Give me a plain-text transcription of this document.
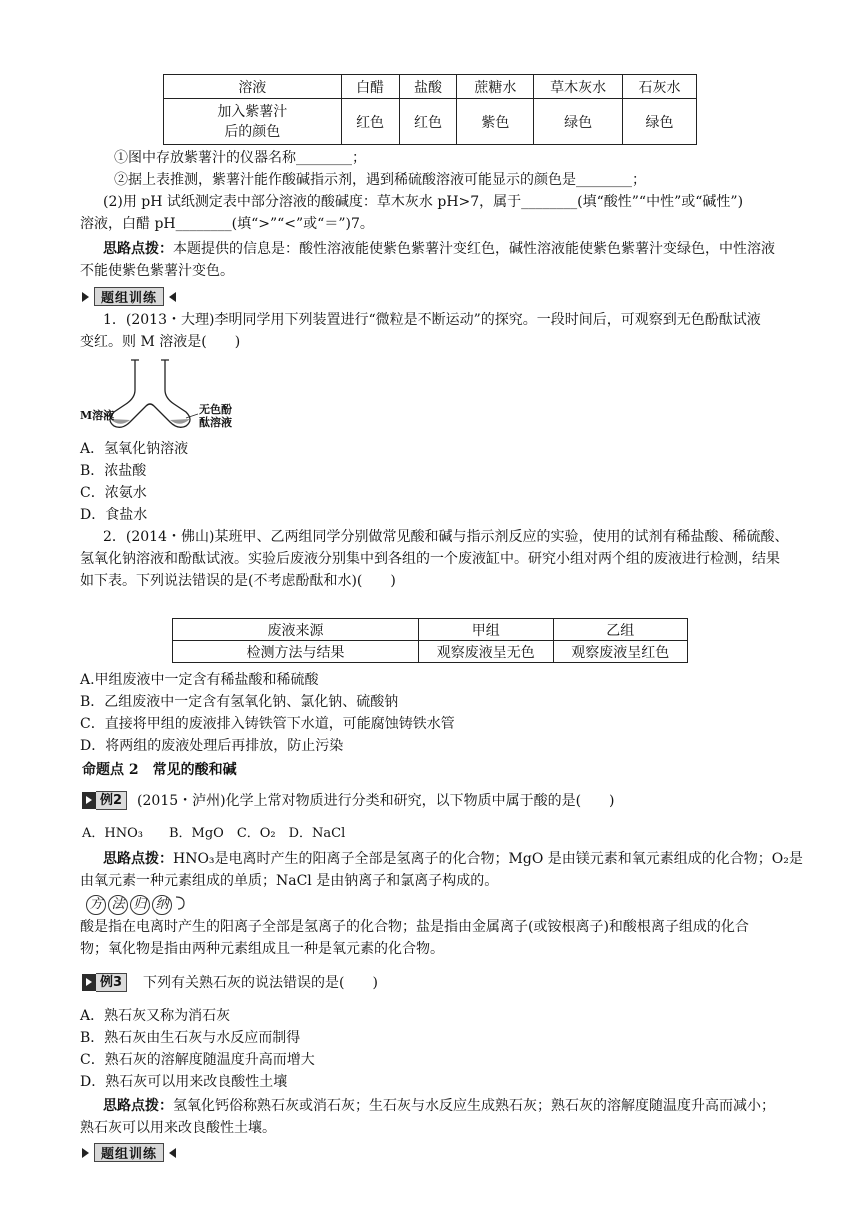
溶液	白醋	盐酸	蔗糖水	草木灰水	石灰水

加入紫薯汁
后的颜色	红色	红色	紫色	绿色	绿色

①图中存放紫薯汁的仪器名称________；

②据上表推测，紫薯汁能作酸碱指示剂，遇到稀硫酸溶液可能显示的颜色是________；

(2)用 pH 试纸测定表中部分溶液的酸碱度：草木灰水 pH>7，属于________(填“酸性”“中性”或“碱性”)

溶液，白醋 pH________(填“>”“<”或“＝”)7。

思路点拨：本题提供的信息是：酸性溶液能使紫色紫薯汁变红色，碱性溶液能使紫色紫薯汁变绿色，中性溶液

不能使紫色紫薯汁变色。

题组训练

1．(2013・大理)李明同学用下列装置进行“微粒是不断运动”的探究。一段时间后，可观察到无色酚酞试液

变红。则 M 溶液是(　　)

M溶液	无色酚
酞溶液

A．氢氧化钠溶液

B．浓盐酸

C．浓氨水

D．食盐水

2．(2014・佛山)某班甲、乙两组同学分别做常见酸和碱与指示剂反应的实验，使用的试剂有稀盐酸、稀硫酸、

氢氧化钠溶液和酚酞试液。实验后废液分别集中到各组的一个废液缸中。研究小组对两个组的废液进行检测，结果

如下表。下列说法错误的是(不考虑酚酞和水)(　　)

废液来源	甲组	乙组
检测方法与结果	观察废液呈无色	观察废液呈红色

A.甲组废液中一定含有稀盐酸和稀硫酸

B．乙组废液中一定含有氢氧化钠、氯化钠、硫酸钠

C．直接将甲组的废液排入铸铁管下水道，可能腐蚀铸铁水管

D．将两组的废液处理后再排放，防止污染

命题点 2　常见的酸和碱

例2	(2015・泸州)化学上常对物质进行分类和研究，以下物质中属于酸的是(　　)

A．HNO₃　　B．MgO　C．O₂　D．NaCl

思路点拨：HNO₃是电离时产生的阳离子全部是氢离子的化合物；MgO 是由镁元素和氧元素组成的化合物；O₂是

由氧元素一种元素组成的单质；NaCl 是由钠离子和氯离子构成的。

方 法 归 纳

酸是指在电离时产生的阳离子全部是氢离子的化合物；盐是指由金属离子(或铵根离子)和酸根离子组成的化合

物；氧化物是指由两种元素组成且一种是氧元素的化合物。

例3	下列有关熟石灰的说法错误的是(　　)

A．熟石灰又称为消石灰

B．熟石灰由生石灰与水反应而制得

C．熟石灰的溶解度随温度升高而增大

D．熟石灰可以用来改良酸性土壤

思路点拨：氢氧化钙俗称熟石灰或消石灰；生石灰与水反应生成熟石灰；熟石灰的溶解度随温度升高而减小；

熟石灰可以用来改良酸性土壤。

题组训练
